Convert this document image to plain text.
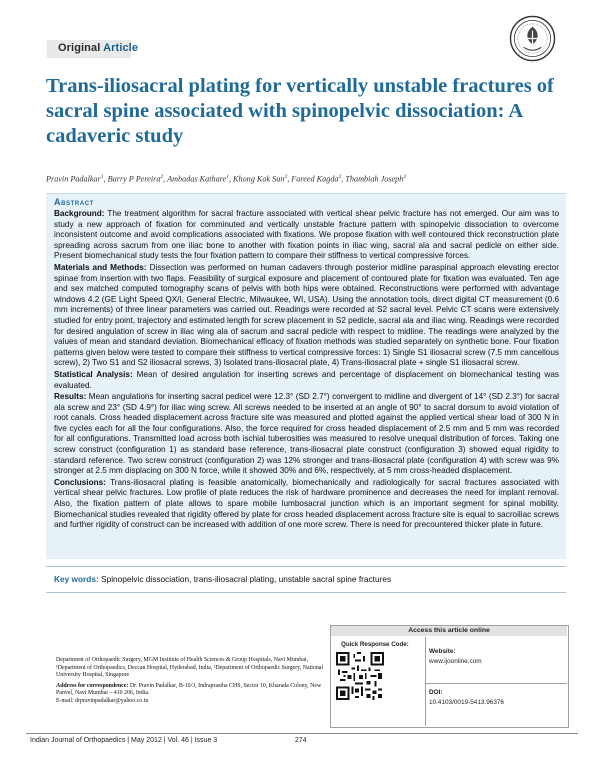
Original Article
Trans-iliosacral plating for vertically unstable fractures of sacral spine associated with spinopelvic dissociation: A cadaveric study
Pravin Padalkar$^1$, Barry P Pereira$^2$, Ambadas Kathare$^1$, Khong Kok Sun$^2$, Fareed Kagda$^2$, Thambiah Joseph$^2$
Abstract

Background: The treatment algorithm for sacral fracture associated with vertical shear pelvic fracture has not emerged. Our aim was to study a new approach of fixation for comminuted and vertically unstable fracture pattern with spinopelvic dissociation to overcome inconsistent outcome and avoid complications associated with fixations. We propose fixation with well contoured thick reconstruction plate spreading across sacrum from one iliac bone to another with fixation points in iliac wing, sacral ala and sacral pedicle on either side. Present biomechanical study tests the four fixation pattern to compare their stiffness to vertical compressive forces.

Materials and Methods: Dissection was performed on human cadavers through posterior midline paraspinal approach elevating erector spinae from insertion with two flaps. Feasibility of surgical exposure and placement of contoured plate for fixation was evaluated. Ten age and sex matched computed tomography scans of pelvis with both hips were obtained. Reconstructions were performed with advantage windows 4.2 (GE Light Speed QX/I, General Electric, Milwaukee, WI, USA). Using the annotation tools, direct digital CT measurement (0.6 mm increments) of three linear parameters was carried out. Readings were recorded at S2 sacral level. Pelvic CT scans were extensively studied for entry point, trajectory and estimated length for screw placement in S2 pedicle, sacral ala and iliac wing. Readings were recorded for desired angulation of screw in iliac wing ala of sacrum and sacral pedicle with respect to midline. The readings were analyzed by the values of mean and standard deviation. Biomechanical efficacy of fixation methods was studied separately on synthetic bone. Four fixation patterns given below were tested to compare their stiffness to vertical compressive forces: 1) Single S1 iliosacral screw (7.5 mm cancellous screw), 2) Two S1 and S2 iliosacral screws, 3) Isolated trans-iliosacral plate, 4) Trans-iliosacral plate + single S1 iliosacral screw.

Statistical Analysis: Mean of desired angulation for inserting screws and percentage of displacement on biomechanical testing was evaluated.

Results: Mean angulations for inserting sacral pedicel were 12.3° (SD 2.7°) convergent to midline and divergent of 14° (SD 2.3°) for sacral ala screw and 23° (SD 4.9°) for iliac wing screw. All screws needed to be inserted at an angle of 90° to sacral dorsum to avoid violation of root canals. Cross headed displacement across fracture site was measured and plotted against the applied vertical shear load of 300 N in five cycles each for all the four configurations. Also, the force required for cross headed displacement of 2.5 mm and 5 mm was recorded for all configurations. Transmitted load across both ischial tuberosities was measured to resolve unequal distribution of forces. Taking one screw construct (configuration 1) as standard base reference, trans-iliosacral plate construct (configuration 3) showed equal rigidity to standard reference. Two screw construct (configuration 2) was 12% stronger and trans-iliosacral plate (configuration 4) with screw was 9% stronger at 2.5 mm displacing on 300 N force, while it showed 30% and 6%, respectively, at 5 mm cross-headed displacement.

Conclusions: Trans-iliosacral plating is feasible anatomically, biomechanically and radiologically for sacral fractures associated with vertical shear pelvic fractures. Low profile of plate reduces the risk of hardware prominence and decreases the need for implant removal. Also, the fixation pattern of plate allows to spare mobile lumbosacral junction which is an important segment for spinal mobility. Biomechanical studies revealed that rigidity offered by plate for cross headed displacement across fracture site is equal to sacroiliac screws and further rigidity of construct can be increased with addition of one more screw. There is need for precountered thicker plate in future.

Key words: Spinopelvic dissociation, trans-iliosacral plating, unstable sacral spine fractures

Department of Orthopaedic Surgery, MGM Institute of Health Sciences & Group Hospitals, Navi Mumbai, ¹Department of Orthopaedics, Deccan Hospital, Hyderabad, India, ²Department of Orthopaedic Surgery, National University Hospital, Singapore

Address for correspondence: Dr. Pravin Padalkar, B-10/3, Indraprastha CHS, Sector 10, Kharada Colony, New Panvel, Navi Mumbai – 410 206, India.
E-mail: drpravinpadalkar@yahoo.co.in

Access this article online
Quick Response Code:
Website:
www.ijoonline.com
DOI:
10.4103/0019-5413.96376
Indian Journal of Orthopaedics | May 2012 | Vol. 46 | Issue 3	274
